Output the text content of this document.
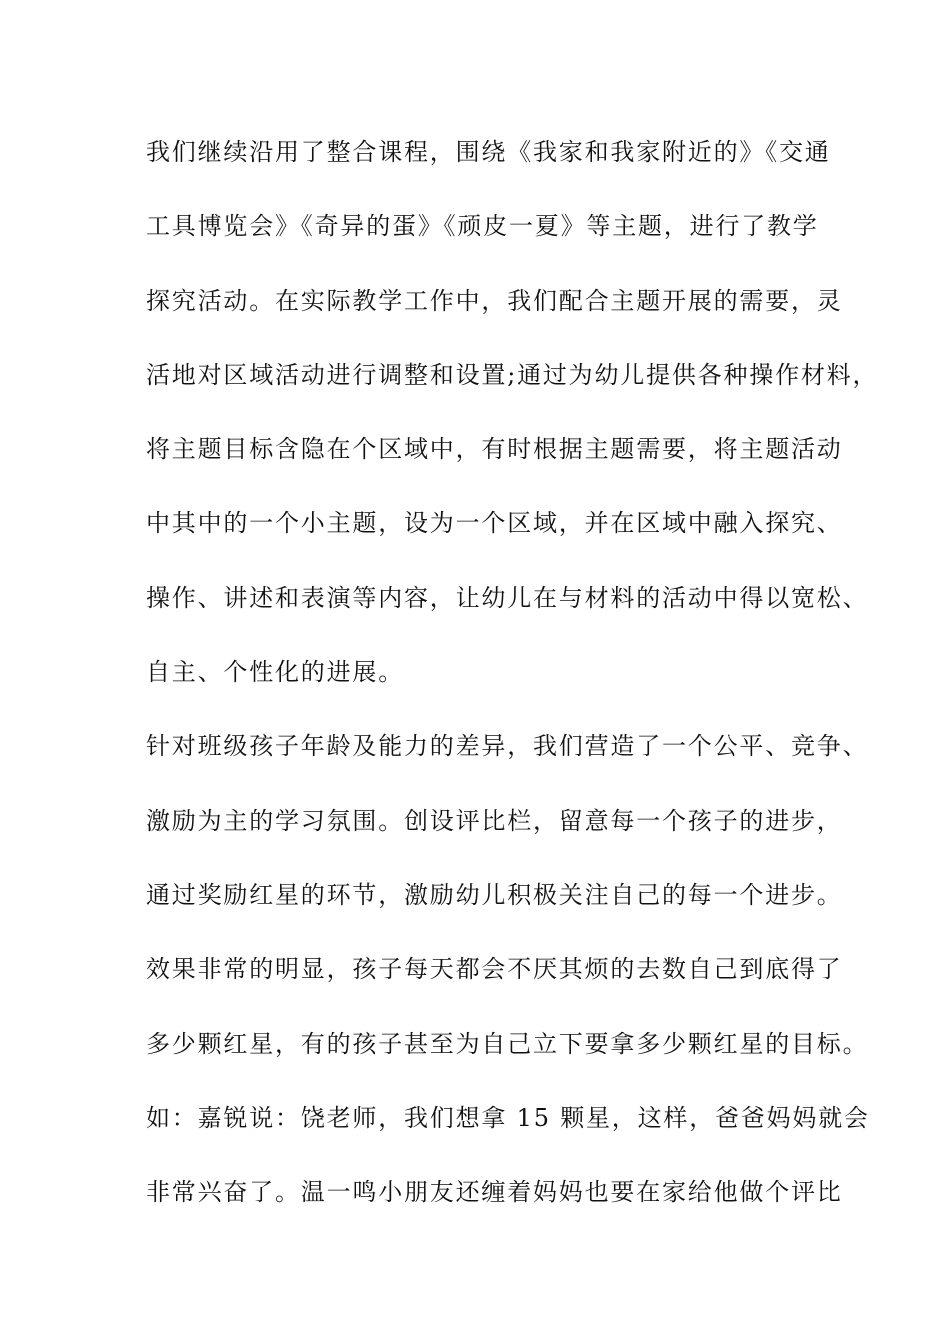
我们继续沿用了整合课程，围绕《我家和我家附近的》《交通
工具博览会》《奇异的蛋》《顽皮一夏》等主题，进行了教学
探究活动。在实际教学工作中，我们配合主题开展的需要，灵
活地对区域活动进行调整和设置;通过为幼儿提供各种操作材料，
将主题目标含隐在个区域中，有时根据主题需要，将主题活动
中其中的一个小主题，设为一个区域，并在区域中融入探究、
操作、讲述和表演等内容，让幼儿在与材料的活动中得以宽松、
自主、个性化的进展。
针对班级孩子年龄及能力的差异，我们营造了一个公平、竞争、
激励为主的学习氛围。创设评比栏，留意每一个孩子的进步，
通过奖励红星的环节，激励幼儿积极关注自己的每一个进步。
效果非常的明显，孩子每天都会不厌其烦的去数自己到底得了
多少颗红星，有的孩子甚至为自己立下要拿多少颗红星的目标。
如：嘉锐说：饶老师，我们想拿 15 颗星，这样，爸爸妈妈就会
非常兴奋了。温一鸣小朋友还缠着妈妈也要在家给他做个评比
